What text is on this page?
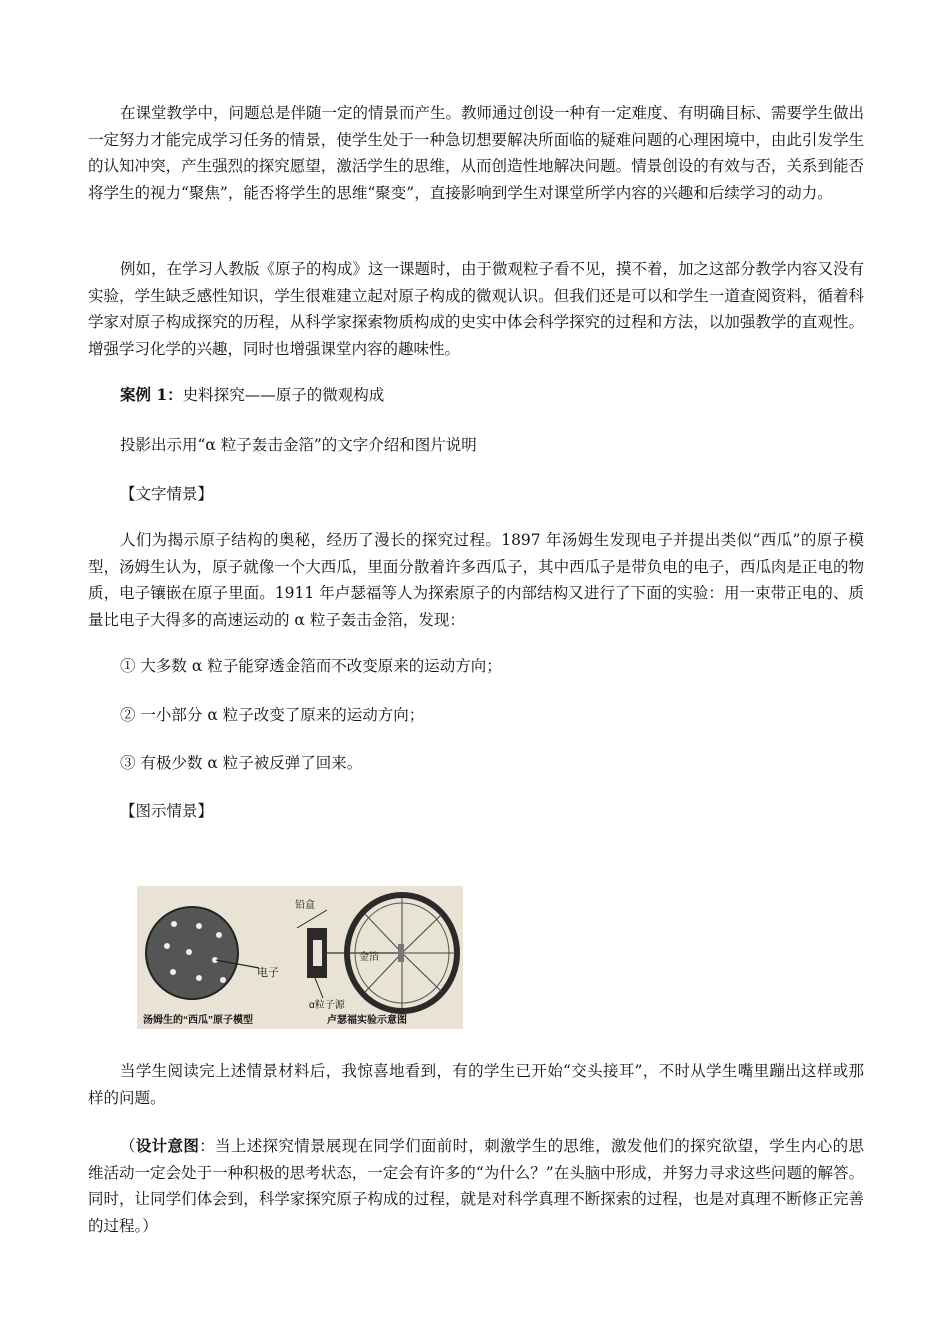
在课堂教学中，问题总是伴随一定的情景而产生。教师通过创设一种有一定难度、有明确目标、需要学生做出一定努力才能完成学习任务的情景，使学生处于一种急切想要解决所面临的疑难问题的心理困境中，由此引发学生的认知冲突，产生强烈的探究愿望，激活学生的思维，从而创造性地解决问题。情景创设的有效与否，关系到能否将学生的视力“聚焦”，能否将学生的思维“聚变”，直接影响到学生对课堂所学内容的兴趣和后续学习的动力。

例如，在学习人教版《原子的构成》这一课题时，由于微观粒子看不见，摸不着，加之这部分教学内容又没有实验，学生缺乏感性知识，学生很难建立起对原子构成的微观认识。但我们还是可以和学生一道查阅资料，循着科学家对原子构成探究的历程，从科学家探索物质构成的史实中体会科学探究的过程和方法，以加强教学的直观性。增强学习化学的兴趣，同时也增强课堂内容的趣味性。

案例 1：史料探究——原子的微观构成

投影出示用“α 粒子轰击金箔”的文字介绍和图片说明

【文字情景】

人们为揭示原子结构的奥秘，经历了漫长的探究过程。1897 年汤姆生发现电子并提出类似“西瓜”的原子模型，汤姆生认为，原子就像一个大西瓜，里面分散着许多西瓜子，其中西瓜子是带负电的电子，西瓜肉是正电的物质，电子镶嵌在原子里面。1911 年卢瑟福等人为探索原子的内部结构又进行了下面的实验：用一束带正电的、质量比电子大得多的高速运动的 α 粒子轰击金箔，发现：

① 大多数 α 粒子能穿透金箔而不改变原来的运动方向；

② 一小部分 α 粒子改变了原来的运动方向；

③ 有极少数 α 粒子被反弹了回来。

【图示情景】

电子
铅盒
α粒子源
金箔
汤姆生的“西瓜”原子模型	卢瑟福实验示意图

当学生阅读完上述情景材料后，我惊喜地看到，有的学生已开始“交头接耳”，不时从学生嘴里蹦出这样或那样的问题。

（设计意图：当上述探究情景展现在同学们面前时，刺激学生的思维，激发他们的探究欲望，学生内心的思维活动一定会处于一种积极的思考状态，一定会有许多的“为什么？”在头脑中形成，并努力寻求这些问题的解答。同时，让同学们体会到，科学家探究原子构成的过程，就是对科学真理不断探索的过程，也是对真理不断修正完善的过程。）
